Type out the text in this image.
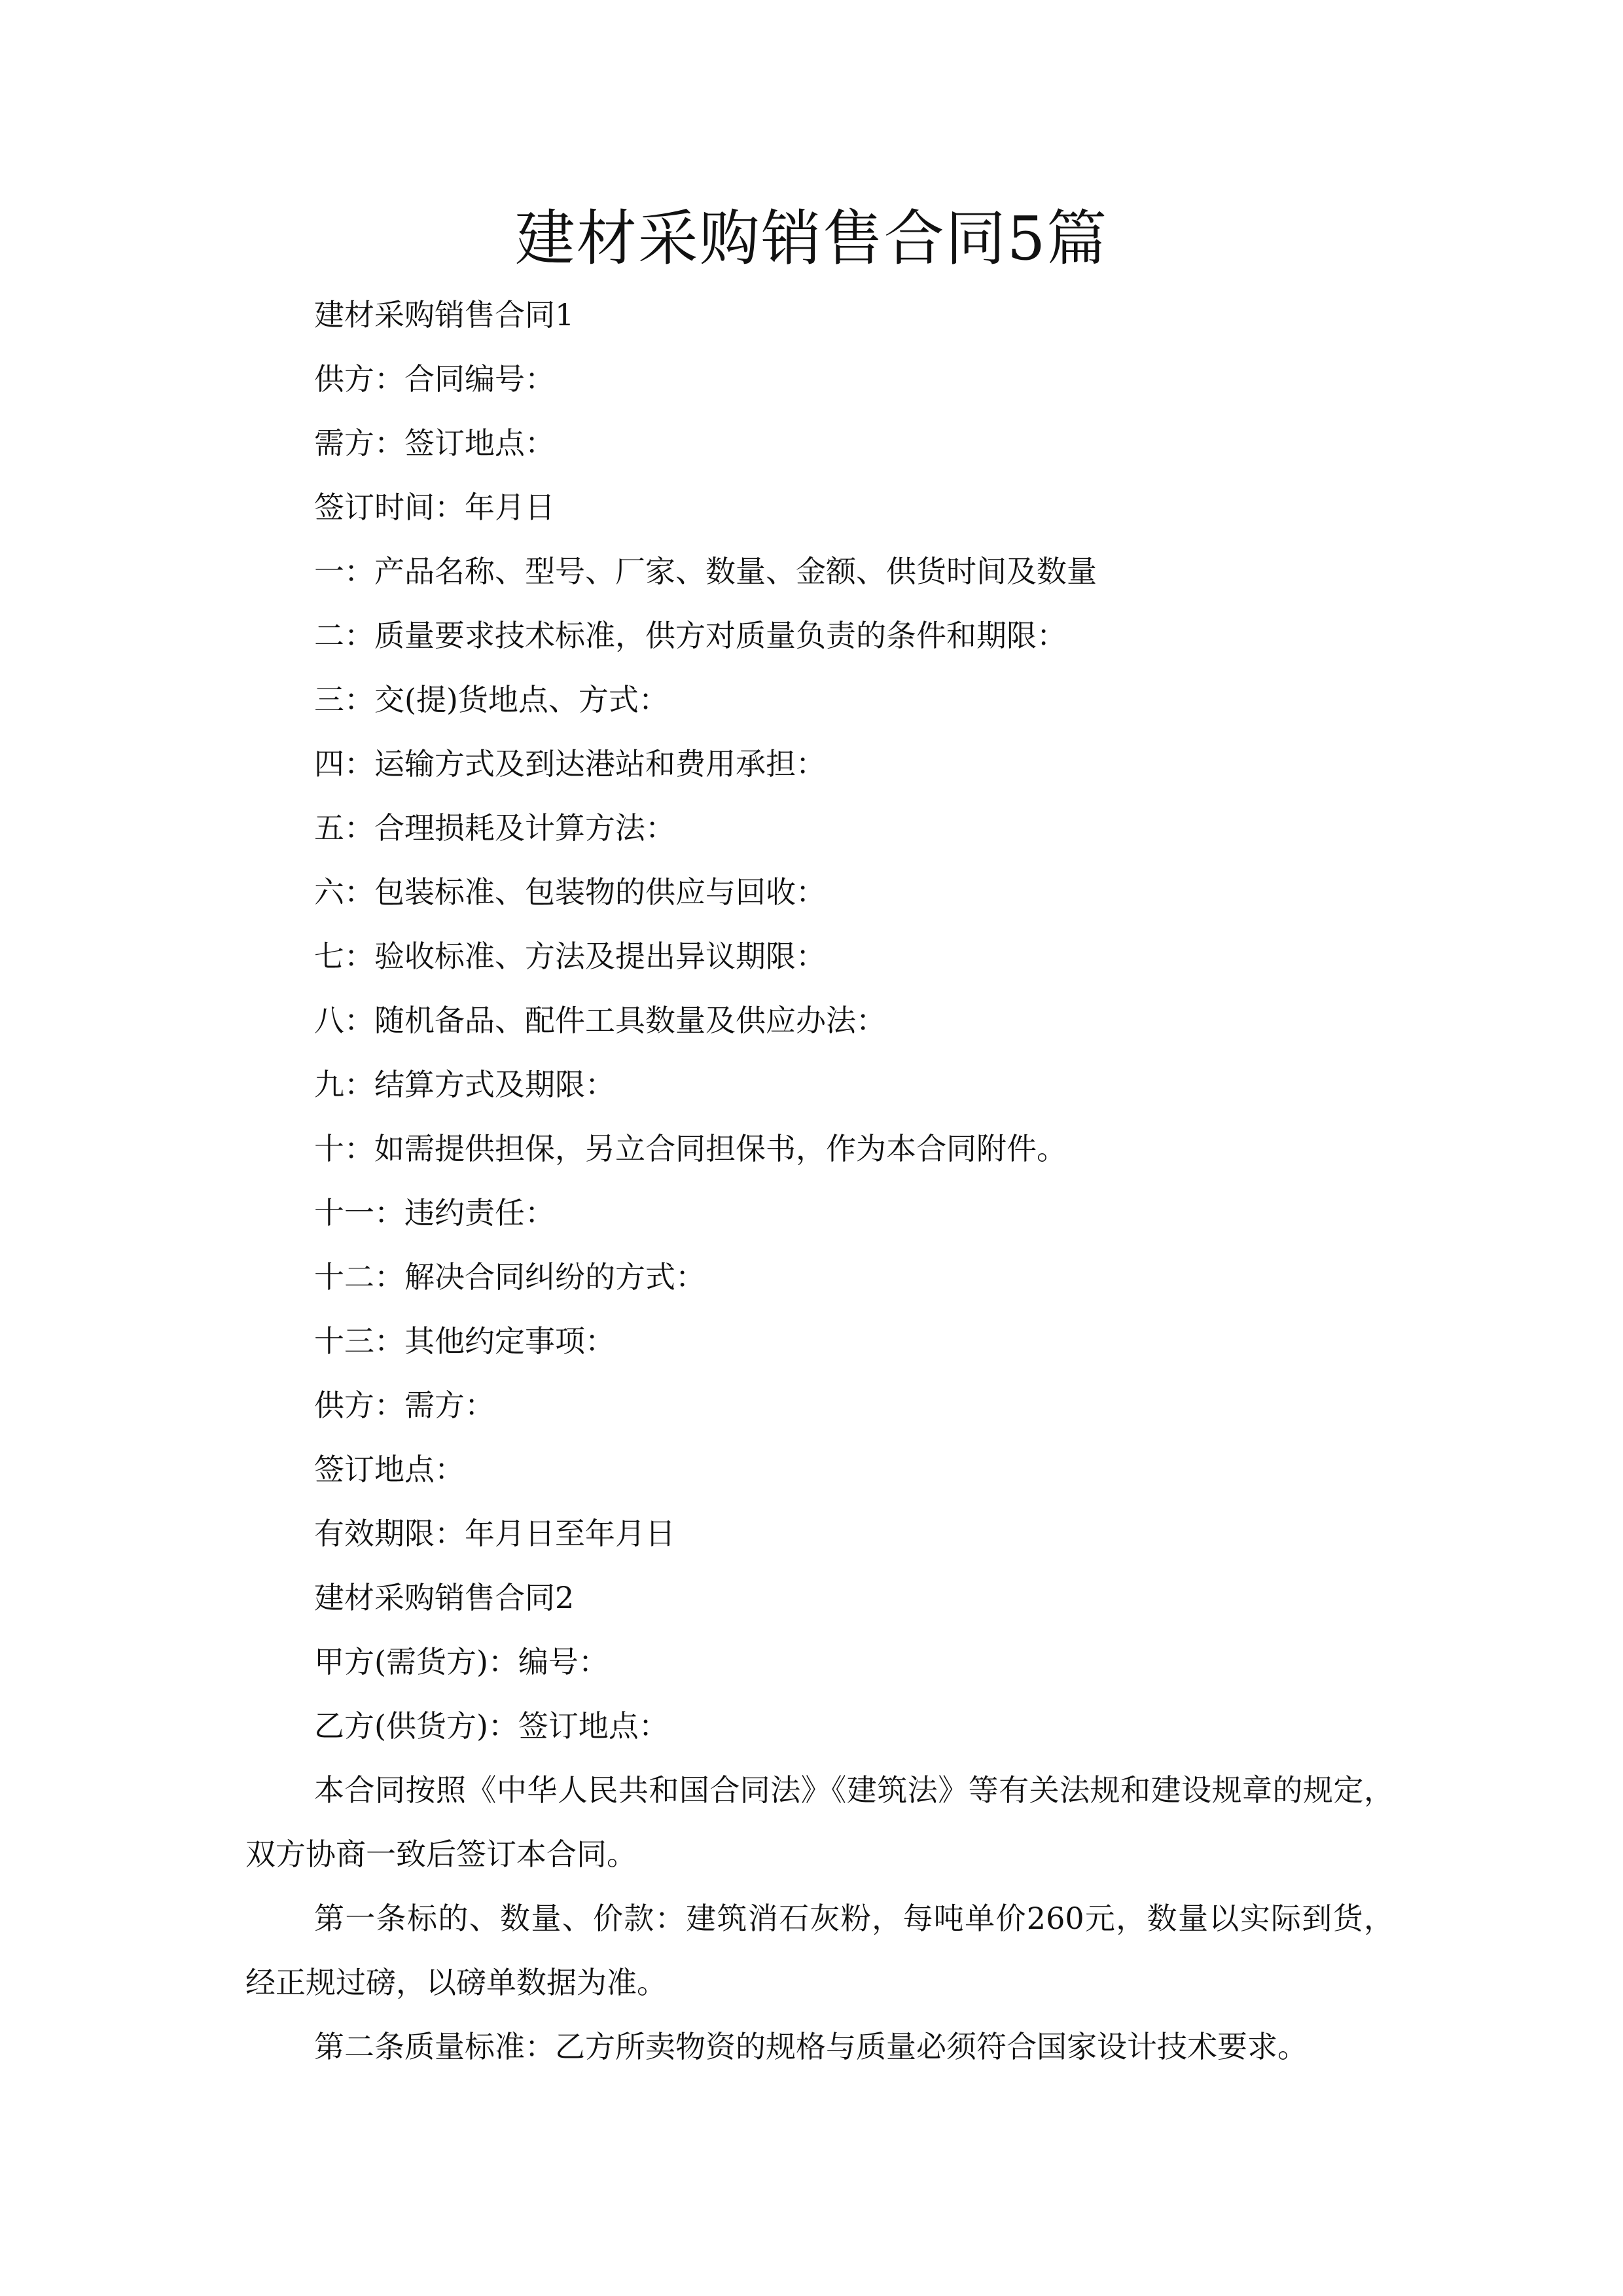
建材采购销售合同5篇

建材采购销售合同1

供方：合同编号：

需方：签订地点：

签订时间：年月日

一：产品名称、型号、厂家、数量、金额、供货时间及数量

二：质量要求技术标准，供方对质量负责的条件和期限：

三：交(提)货地点、方式：

四：运输方式及到达港站和费用承担：

五：合理损耗及计算方法：

六：包装标准、包装物的供应与回收：

七：验收标准、方法及提出异议期限：

八：随机备品、配件工具数量及供应办法：

九：结算方式及期限：

十：如需提供担保，另立合同担保书，作为本合同附件。

十一：违约责任：

十二：解决合同纠纷的方式：

十三：其他约定事项：

供方：需方：

签订地点：

有效期限：年月日至年月日

建材采购销售合同2

甲方(需货方)：编号：

乙方(供货方)：签订地点：

本合同按照《中华人民共和国合同法》《建筑法》等有关法规和建设规章的规定，双方协商一致后签订本合同。

第一条标的、数量、价款：建筑消石灰粉，每吨单价260元，数量以实际到货，经正规过磅，以磅单数据为准。

第二条质量标准：乙方所卖物资的规格与质量必须符合国家设计技术要求。
